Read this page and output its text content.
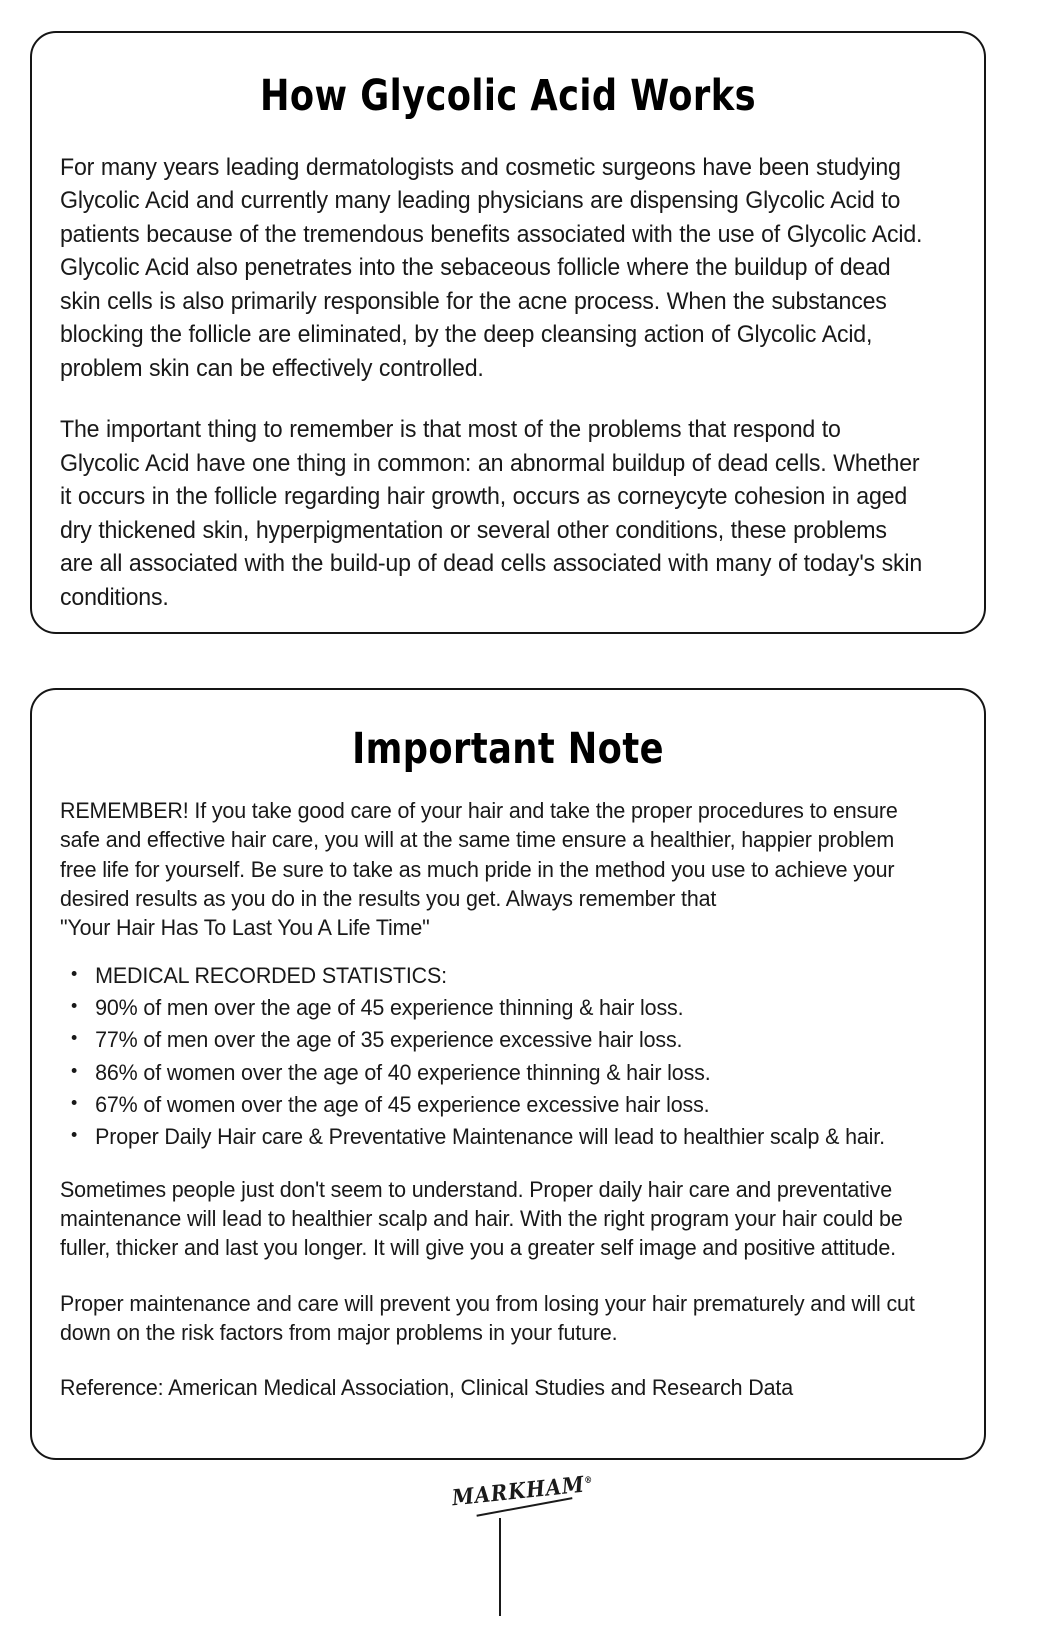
How Glycolic Acid Works

For many years leading dermatologists and cosmetic surgeons have been studying Glycolic Acid and currently many leading physicians are dispensing Glycolic Acid to patients because of the tremendous benefits associated with the use of Glycolic Acid. Glycolic Acid also penetrates into the sebaceous follicle where the buildup of dead skin cells is also primarily responsible for the acne process. When the substances blocking the follicle are eliminated, by the deep cleansing action of Glycolic Acid, problem skin can be effectively controlled.

The important thing to remember is that most of the problems that respond to Glycolic Acid have one thing in common: an abnormal buildup of dead cells. Whether it occurs in the follicle regarding hair growth, occurs as corneycyte cohesion in aged dry thickened skin, hyperpigmentation or several other conditions, these problems are all associated with the build-up of dead cells associated with many of today's skin conditions.

Important Note

REMEMBER! If you take good care of your hair and take the proper procedures to ensure safe and effective hair care, you will at the same time ensure a healthier, happier problem free life for yourself. Be sure to take as much pride in the method you use to achieve your desired results as you do in the results you get. Always remember that

"Your Hair Has To Last You A Life Time"

MEDICAL RECORDED STATISTICS:
90% of men over the age of 45 experience thinning & hair loss.
77% of men over the age of 35 experience excessive hair loss.
86% of women over the age of 40 experience thinning & hair loss.
67% of women over the age of 45 experience excessive hair loss.
Proper Daily Hair care & Preventative Maintenance will lead to healthier scalp & hair.

Sometimes people just don't seem to understand. Proper daily hair care and preventative maintenance will lead to healthier scalp and hair. With the right program your hair could be fuller, thicker and last you longer. It will give you a greater self image and positive attitude.

Proper maintenance and care will prevent you from losing your hair prematurely and will cut down on the risk factors from major problems in your future.

Reference: American Medical Association, Clinical Studies and Research Data

MARKHAM®
